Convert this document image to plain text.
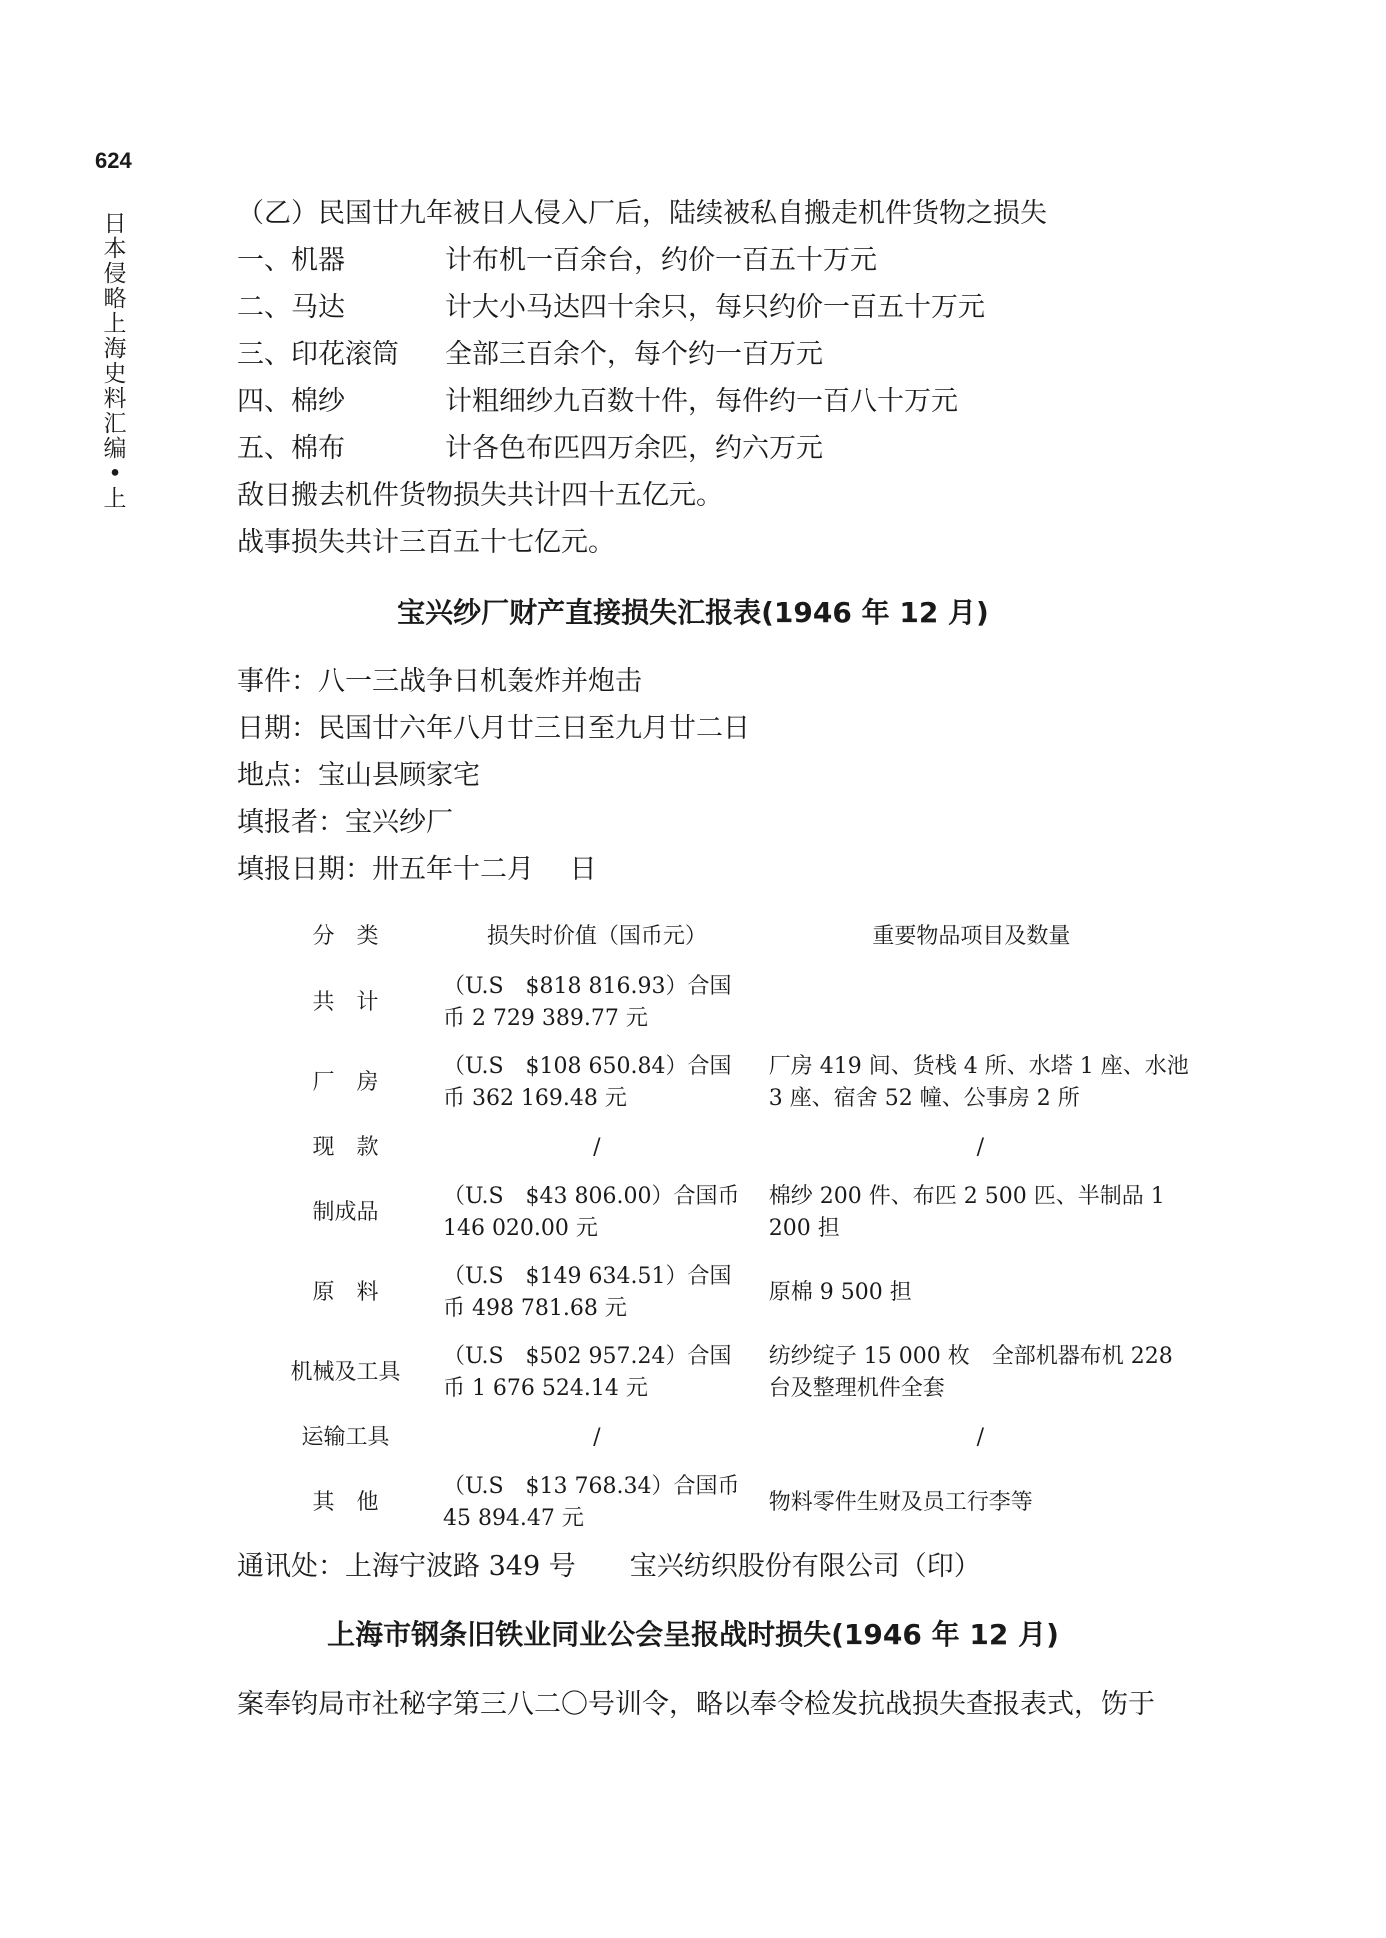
624
日本侵略上海史料汇编•上
（乙）民国廿九年被日人侵入厂后，陆续被私自搬走机件货物之损失
一、机器	计布机一百余台，约价一百五十万元
二、马达	计大小马达四十余只，每只约价一百五十万元
三、印花滚筒 全部三百余个，每个约一百万元
四、棉纱	计粗细纱九百数十件，每件约一百八十万元
五、棉布	计各色布匹四万余匹，约六万元
敌日搬去机件货物损失共计四十五亿元。
战事损失共计三百五十七亿元。
宝兴纱厂财产直接损失汇报表(1946 年 12 月)
事件：八一三战争日机轰炸并炮击
日期：民国廿六年八月廿三日至九月廿二日
地点：宝山县顾家宅
填报者：宝兴纱厂
填报日期：卅五年十二月　 日
分　类	损失时价值（国币元）	重要物品项目及数量
共　计	（U.S　$818 816.93）合国币 2 729 389.77 元	
厂　房	（U.S　$108 650.84）合国币 362 169.48 元	厂房 419 间、货栈 4 所、水塔 1 座、水池 3 座、宿舍 52 幢、公事房 2 所
现　款	/	/
制成品	（U.S　$43 806.00）合国币 146 020.00 元	棉纱 200 件、布匹 2 500 匹、半制品 1 200 担
原　料	（U.S　$149 634.51）合国币 498 781.68 元	原棉 9 500 担
机械及工具	（U.S　$502 957.24）合国币 1 676 524.14 元	纺纱绽子 15 000 枚　全部机器布机 228 台及整理机件全套
运输工具	/	/
其　他	（U.S　$13 768.34）合国币 45 894.47 元	物料零件生财及员工行李等
通讯处：上海宁波路 349 号　　宝兴纺织股份有限公司（印）
上海市钢条旧铁业同业公会呈报战时损失(1946 年 12 月)
案奉钧局市社秘字第三八二〇号训令，略以奉令检发抗战损失查报表式，饬于
